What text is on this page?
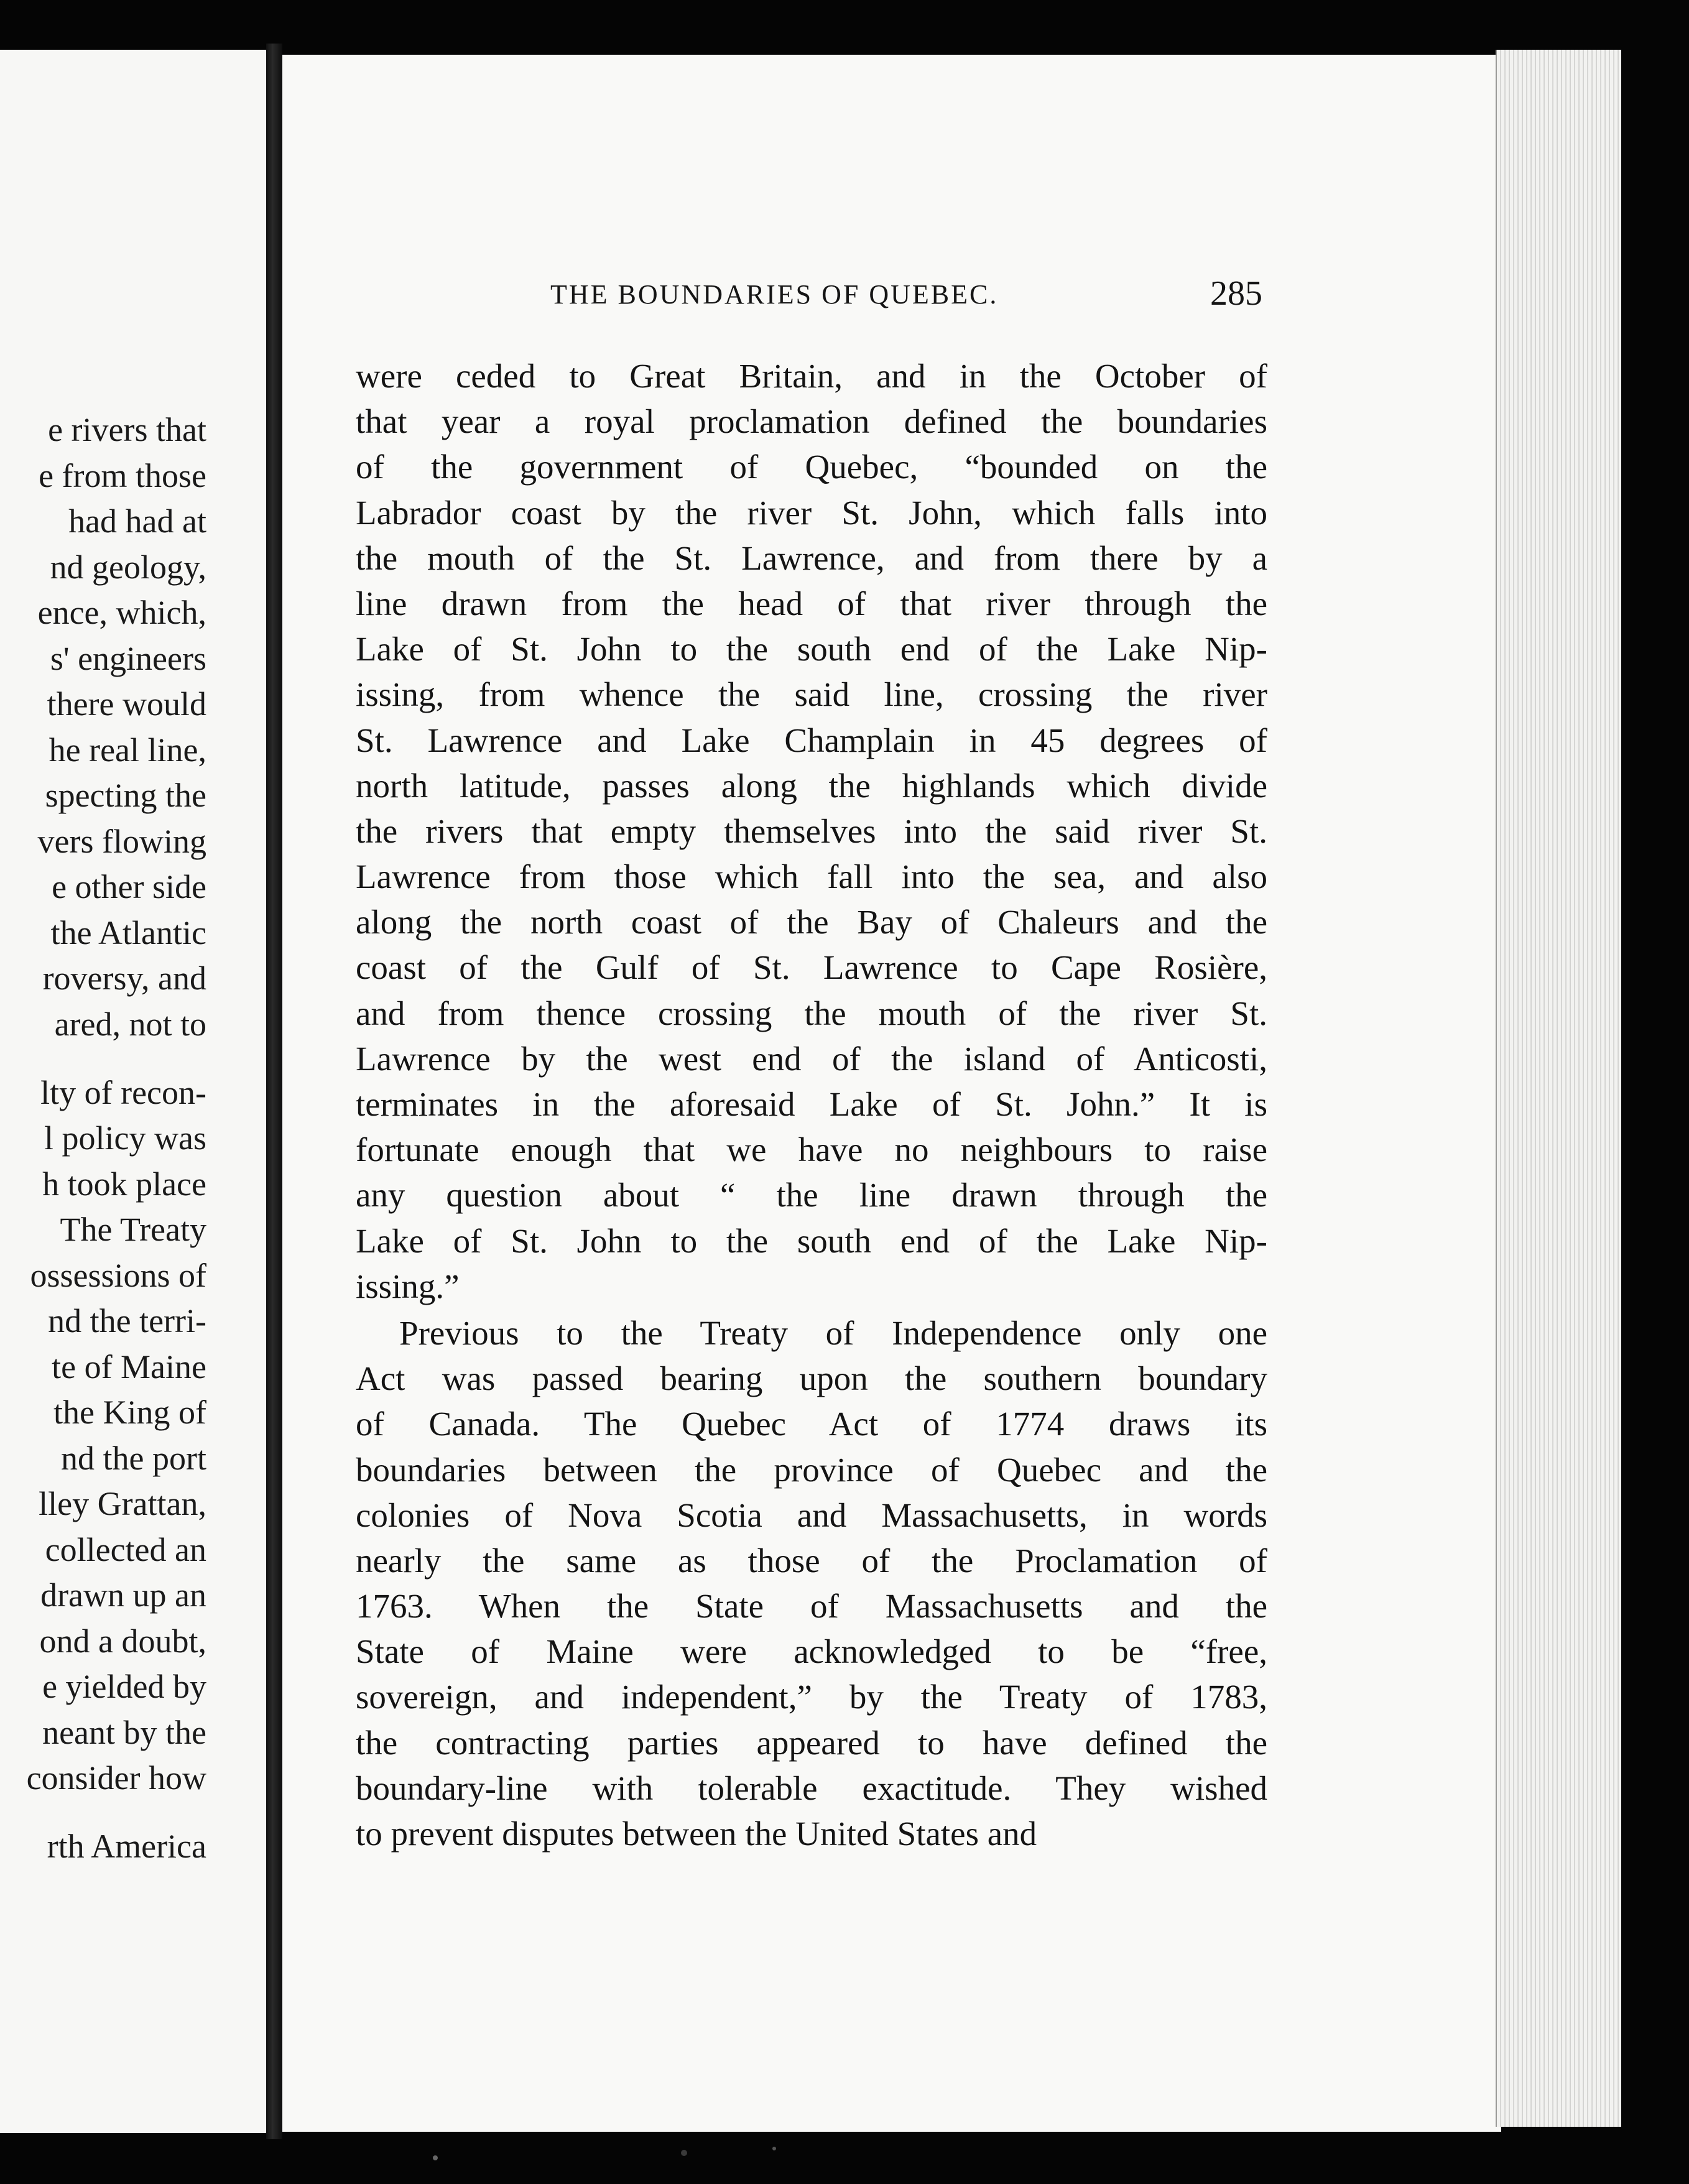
e rivers that
e from those
had had at
nd geology,
ence, which,
s' engineers
there would
he real line,
specting the
vers flowing
e other side
the Atlantic
roversy, and
ared, not to
lty of recon-
l policy was
h took place
The Treaty
ossessions of
nd the terri-
te of Maine
the King of
nd the port
lley Grattan,
collected an
drawn up an
ond a doubt,
e yielded by
neant by the
consider how
rth America
THE BOUNDARIES OF QUEBEC.	285
were ceded to Great Britain, and in the October of
that year a royal proclamation defined the boundaries
of the government of Quebec, “bounded on the
Labrador coast by the river St. John, which falls into
the mouth of the St. Lawrence, and from there by a
line drawn from the head of that river through the
Lake of St. John to the south end of the Lake Nip-
issing, from whence the said line, crossing the river
St. Lawrence and Lake Champlain in 45 degrees of
north latitude, passes along the highlands which divide
the rivers that empty themselves into the said river St.
Lawrence from those which fall into the sea, and also
along the north coast of the Bay of Chaleurs and the
coast of the Gulf of St. Lawrence to Cape Rosière,
and from thence crossing the mouth of the river St.
Lawrence by the west end of the island of Anticosti,
terminates in the aforesaid Lake of St. John.” It is
fortunate enough that we have no neighbours to raise
any question about “ the line drawn through the
Lake of St. John to the south end of the Lake Nip-
issing.”
Previous to the Treaty of Independence only one
Act was passed bearing upon the southern boundary
of Canada. The Quebec Act of 1774 draws its
boundaries between the province of Quebec and the
colonies of Nova Scotia and Massachusetts, in words
nearly the same as those of the Proclamation of
1763. When the State of Massachusetts and the
State of Maine were acknowledged to be “free,
sovereign, and independent,” by the Treaty of 1783,
the contracting parties appeared to have defined the
boundary-line with tolerable exactitude. They wished
to prevent disputes between the United States and
